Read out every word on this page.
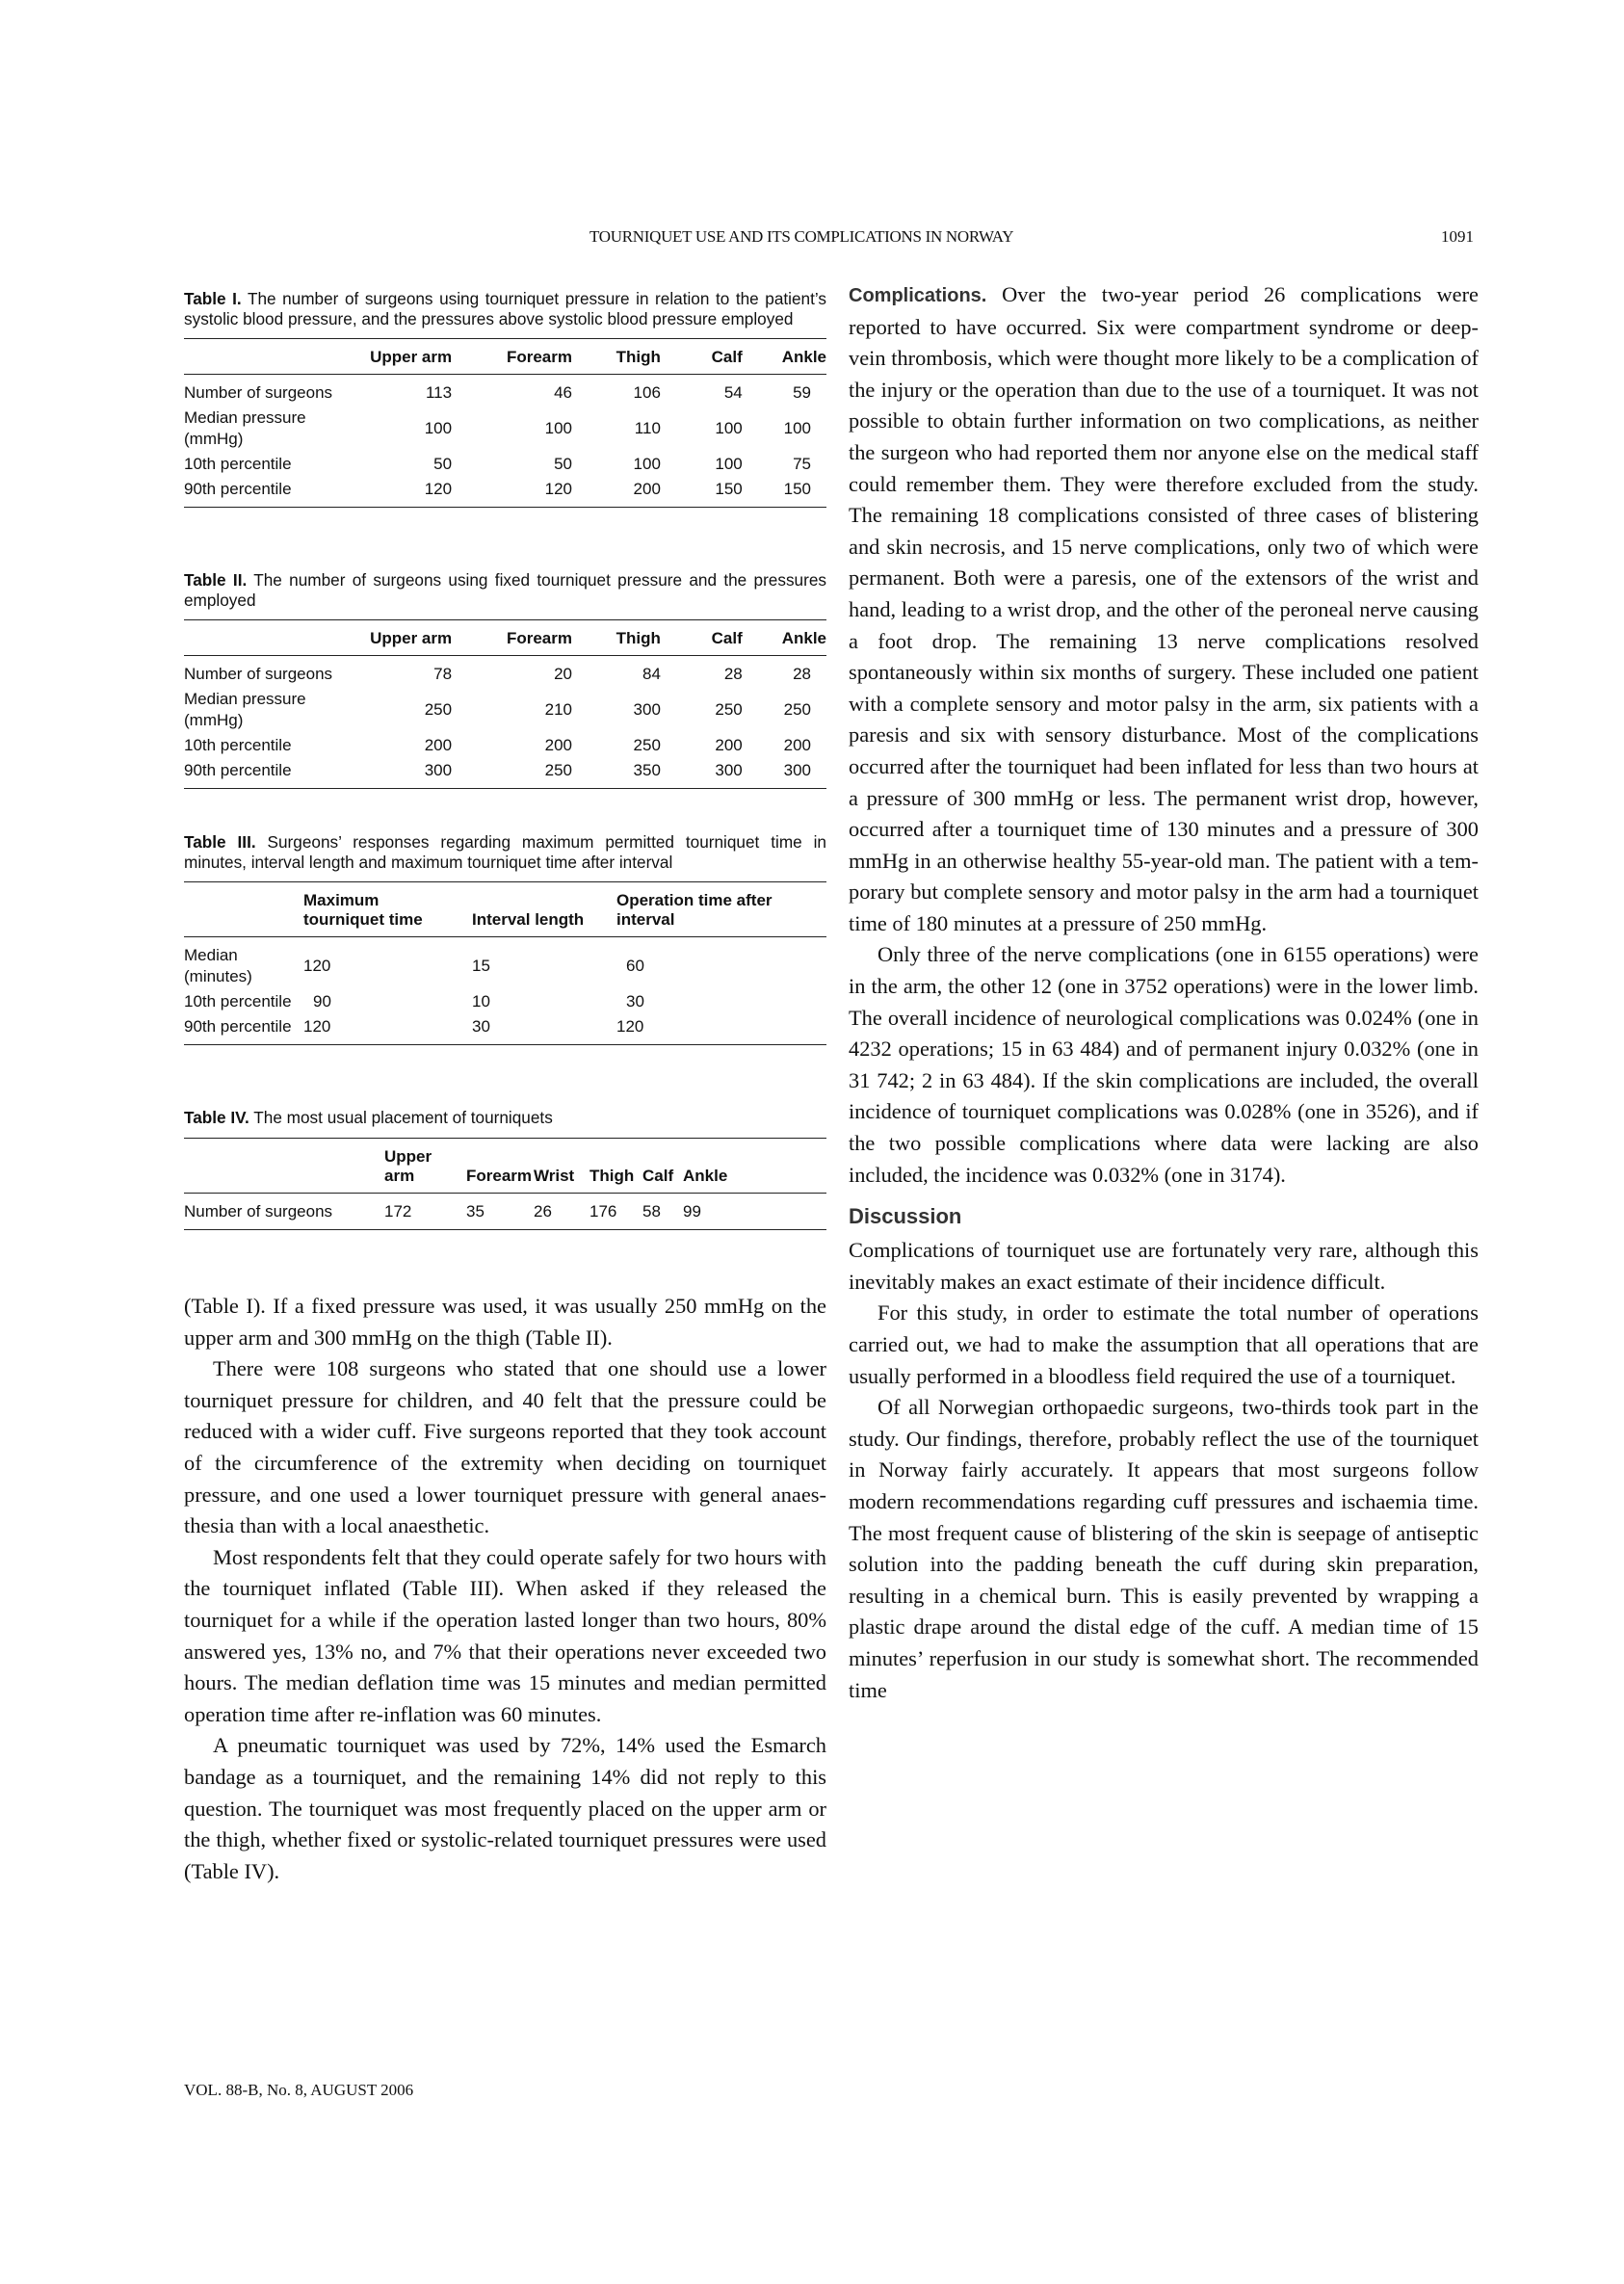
TOURNIQUET USE AND ITS COMPLICATIONS IN NORWAY	1091

Table I. The number of surgeons using tourniquet pressure in relation to the patient’s systolic blood pressure, and the pressures above systolic blood pressure employed

	Upper arm	Forearm	Thigh	Calf	Ankle
Number of surgeons	113	46	106	54	59
Median pressure (mmHg)	100	100	110	100	100
10th percentile	50	50	100	100	75
90th percentile	120	120	200	150	150

Table II. The number of surgeons using fixed tourniquet pressure and the pressures employed

	Upper arm	Forearm	Thigh	Calf	Ankle
Number of surgeons	78	20	84	28	28
Median pressure (mmHg)	250	210	300	250	250
10th percentile	200	200	250	200	200
90th percentile	300	250	350	300	300

Table III. Surgeons’ responses regarding maximum permitted tourniquet time in minutes, interval length and maximum tourniquet time after interval

	Maximum tourniquet time	Interval length	Operation time after interval
Median (minutes)	120	15	60
10th percentile	90	10	30
90th percentile	120	30	120

Table IV. The most usual placement of tourniquets

	Upper arm	Forearm	Wrist	Thigh	Calf	Ankle
Number of surgeons	172	35	26	176	58	99

(Table I). If a fixed pressure was used, it was usually 250 mmHg on the upper arm and 300 mmHg on the thigh (Table II).

There were 108 surgeons who stated that one should use a lower tourniquet pressure for children, and 40 felt that the pressure could be reduced with a wider cuff. Five surgeons reported that they took account of the circumference of the extremity when deciding on tourniquet pressure, and one used a lower tourniquet pressure with general anaesthesia than with a local anaesthetic.

Most respondents felt that they could operate safely for two hours with the tourniquet inflated (Table III). When asked if they released the tourniquet for a while if the operation lasted longer than two hours, 80% answered yes, 13% no, and 7% that their operations never exceeded two hours. The median deflation time was 15 minutes and median permitted operation time after re-inflation was 60 minutes.

A pneumatic tourniquet was used by 72%, 14% used the Esmarch bandage as a tourniquet, and the remaining 14% did not reply to this question. The tourniquet was most frequently placed on the upper arm or the thigh, whether fixed or systolic-related tourniquet pressures were used (Table IV).

Complications. Over the two-year period 26 complications were reported to have occurred. Six were compartment syndrome or deep-vein thrombosis, which were thought more likely to be a complication of the injury or the operation than due to the use of a tourniquet. It was not possible to obtain further information on two complications, as neither the surgeon who had reported them nor anyone else on the medical staff could remember them. They were therefore excluded from the study. The remaining 18 complications consisted of three cases of blistering and skin necrosis, and 15 nerve complications, only two of which were permanent. Both were a paresis, one of the extensors of the wrist and hand, leading to a wrist drop, and the other of the peroneal nerve causing a foot drop. The remaining 13 nerve complications resolved spontaneously within six months of surgery. These included one patient with a complete sensory and motor palsy in the arm, six patients with a paresis and six with sensory disturbance. Most of the complications occurred after the tourniquet had been inflated for less than two hours at a pressure of 300 mmHg or less. The permanent wrist drop, however, occurred after a tourniquet time of 130 minutes and a pressure of 300 mmHg in an otherwise healthy 55-year-old man. The patient with a temporary but complete sensory and motor palsy in the arm had a tourniquet time of 180 minutes at a pressure of 250 mmHg.

Only three of the nerve complications (one in 6155 operations) were in the arm, the other 12 (one in 3752 operations) were in the lower limb. The overall incidence of neurological complications was 0.024% (one in 4232 operations; 15 in 63 484) and of permanent injury 0.032% (one in 31 742; 2 in 63 484). If the skin complications are included, the overall incidence of tourniquet complications was 0.028% (one in 3526), and if the two possible complications where data were lacking are also included, the incidence was 0.032% (one in 3174).

Discussion

Complications of tourniquet use are fortunately very rare, although this inevitably makes an exact estimate of their incidence difficult.

For this study, in order to estimate the total number of operations carried out, we had to make the assumption that all operations that are usually performed in a bloodless field required the use of a tourniquet.

Of all Norwegian orthopaedic surgeons, two-thirds took part in the study. Our findings, therefore, probably reflect the use of the tourniquet in Norway fairly accurately. It appears that most surgeons follow modern recommendations regarding cuff pressures and ischaemia time. The most frequent cause of blistering of the skin is seepage of antiseptic solution into the padding beneath the cuff during skin preparation, resulting in a chemical burn. This is easily prevented by wrapping a plastic drape around the distal edge of the cuff. A median time of 15 minutes’ reperfusion in our study is somewhat short. The recommended time

VOL. 88-B, No. 8, AUGUST 2006
